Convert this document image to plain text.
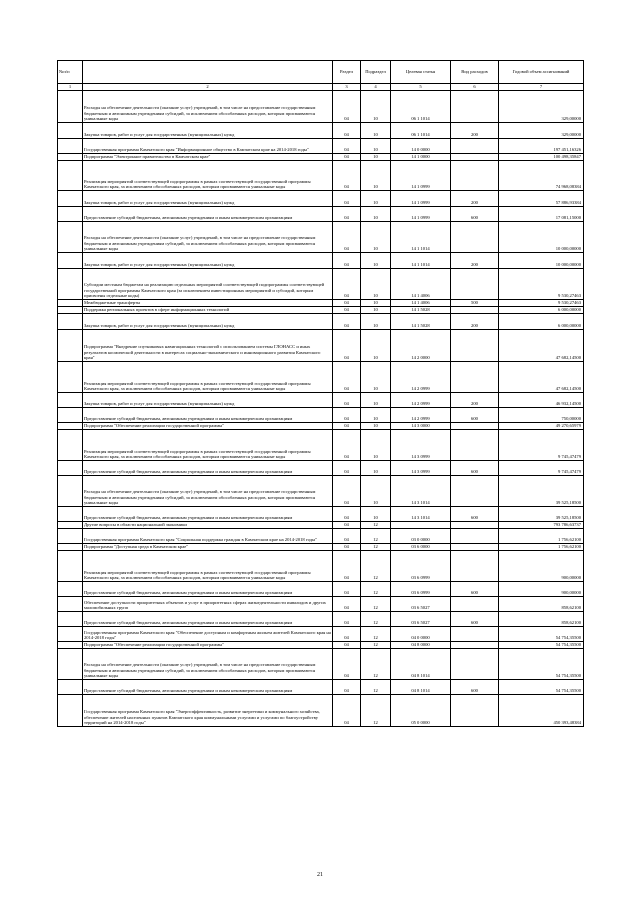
№п/п		Раздел	Подраздел	Целевая статья	Вид расходов	Годовой объем ассигнований
1	2	3	4	5	6	7
	Расходы на обеспечение деятельности (оказание услуг) учреждений, в том числе на предоставление государственным бюджетным и автономным учреждениям субсидий, за исключением обособленных расходов, которым присваиваются уникальные коды	04	10	06 1 1014		329,00000
	Закупка товаров, работ и услуг для государственных (муниципальных) нужд	04	10	06 1 1014	200	329,00000
	Государственная программа Камчатского края "Информационное общество в Камчатском крае на 2014-2018 годы"	04	10	14 0 0000		197 451,16326
	Подпрограмма "Электронное правительство в Камчатском крае"	04	10	14 1 0000		100 498,35847
	Реализация мероприятий соответствующей подпрограммы в рамках соответствующей государственной программы Камчатского края, за исключением обособленных расходов, которым присваиваются уникальные коды	04	10	14 1 0999		74 968,08384
	Закупка товаров, работ и услуг для государственных (муниципальных) нужд	04	10	14 1 0999	200	57 886,93384
	Предоставление субсидий бюджетным, автономным учреждениям и иным некоммерческим организациям	04	10	14 1 0999	600	17 081,15000
	Расходы на обеспечение деятельности (оказание услуг) учреждений, в том числе на предоставление государственным бюджетным и автономным учреждениям субсидий, за исключением обособленных расходов, которым присваиваются уникальные коды	04	10	14 1 1014		10 000,00000
	Закупка товаров, работ и услуг для государственных (муниципальных) нужд	04	10	14 1 1014	200	10 000,00000
	Субсидии местным бюджетам на реализацию отдельных мероприятий соответствующей подпрограммы соответствующей государственной программы Камчатского края (за исключением инвестиционных мероприятий и субсидий, которым присвоены отдельные коды)	04	10	14 1 4006		9 530,27463
	Межбюджетные трансферты	04	10	14 1 4006	500	9 530,27463
	Поддержка региональных проектов в сфере информационных технологий	04	10	14 1 5028		6 000,00000
	Закупка товаров, работ и услуг для государственных (муниципальных) нужд	04	10	14 1 5028	200	6 000,00000
	Подпрограмма "Внедрение спутниковых навигационных технологий с использованием системы ГЛОНАСС и иных результатов космической деятельности в интересах социально-экономического и инновационного развития Камчатского края"	04	10	14 2 0000		47 682,14500
	Реализация мероприятий соответствующей подпрограммы в рамках соответствующей государственной программы Камчатского края, за исключением обособленных расходов, которым присваиваются уникальные коды	04	10	14 2 0999		47 682,14500
	Закупка товаров, работ и услуг для государственных (муниципальных) нужд	04	10	14 2 0999	200	46 932,14500
	Предоставление субсидий бюджетным, автономным учреждениям и иным некоммерческим организациям	04	10	14 2 0999	600	750,00000
	Подпрограмма "Обеспечение реализации государственной программы"	04	10	14 3 0000		49 270,65979
	Реализация мероприятий соответствующей подпрограммы в рамках соответствующей государственной программы Камчатского края, за исключением обособленных расходов, которым присваиваются уникальные коды	04	10	14 3 0999		9 745,47479
	Предоставление субсидий бюджетным, автономным учреждениям и иным некоммерческим организациям	04	10	14 3 0999	600	9 745,47479
	Расходы на обеспечение деятельности (оказание услуг) учреждений, в том числе на предоставление государственным бюджетным и автономным учреждениям субсидий, за исключением обособленных расходов, которым присваиваются уникальные коды	04	10	14 3 1014		39 525,18500
	Предоставление субсидий бюджетным, автономным учреждениям и иным некоммерческим организациям	04	10	14 3 1014	600	39 525,18500
	Другие вопросы в области национальной экономики	04	12			793 786,63737
	Государственная программа Камчатского края "Социальная поддержка граждан в Камчатском крае на 2014-2018 годы"	04	12	03 0 0000		1 756,62100
	Подпрограмма "Доступная среда в Камчатском крае"	04	12	03 6 0000		1 756,62100
	Реализация мероприятий соответствующей подпрограммы в рамках соответствующей государственной программы Камчатского края, за исключением обособленных расходов, которым присваиваются уникальные коды	04	12	03 6 0999		900,00000
	Предоставление субсидий бюджетным, автономным учреждениям и иным некоммерческим организациям	04	12	03 6 0999	600	900,00000
	Обеспечение доступности приоритетных объектов и услуг в приоритетных сферах жизнедеятельности инвалидов и других маломобильных групп	04	12	03 6 5027		858,62100
	Предоставление субсидий бюджетным, автономным учреждениям и иным некоммерческим организациям	04	12	03 6 5027	600	858,62100
	Государственная программа Камчатского края "Обеспечение доступным и комфортным жильем жителей Камчатского края на 2014-2018 годы"	04	12	04 0 0000		54 754,35500
	Подпрограмма "Обеспечение реализации государственной программы"	04	12	04 8 0000		54 754,35500
	Расходы на обеспечение деятельности (оказание услуг) учреждений, в том числе на предоставление государственным бюджетным и автономным учреждениям субсидий, за исключением обособленных расходов, которым присваиваются уникальные коды	04	12	04 8 1014		54 754,35500
	Предоставление субсидий бюджетным, автономным учреждениям и иным некоммерческим организациям	04	12	04 8 1014	600	54 754,35500
	Государственная программа Камчатского края "Энергоэффективность, развитие энергетики и коммунального хозяйства, обеспечение жителей населенных пунктов Камчатского края коммунальными услугами и услугами по благоустройству территорий на 2014-2018 годы"	04	12	05 0 0000		450 393,48384
21
